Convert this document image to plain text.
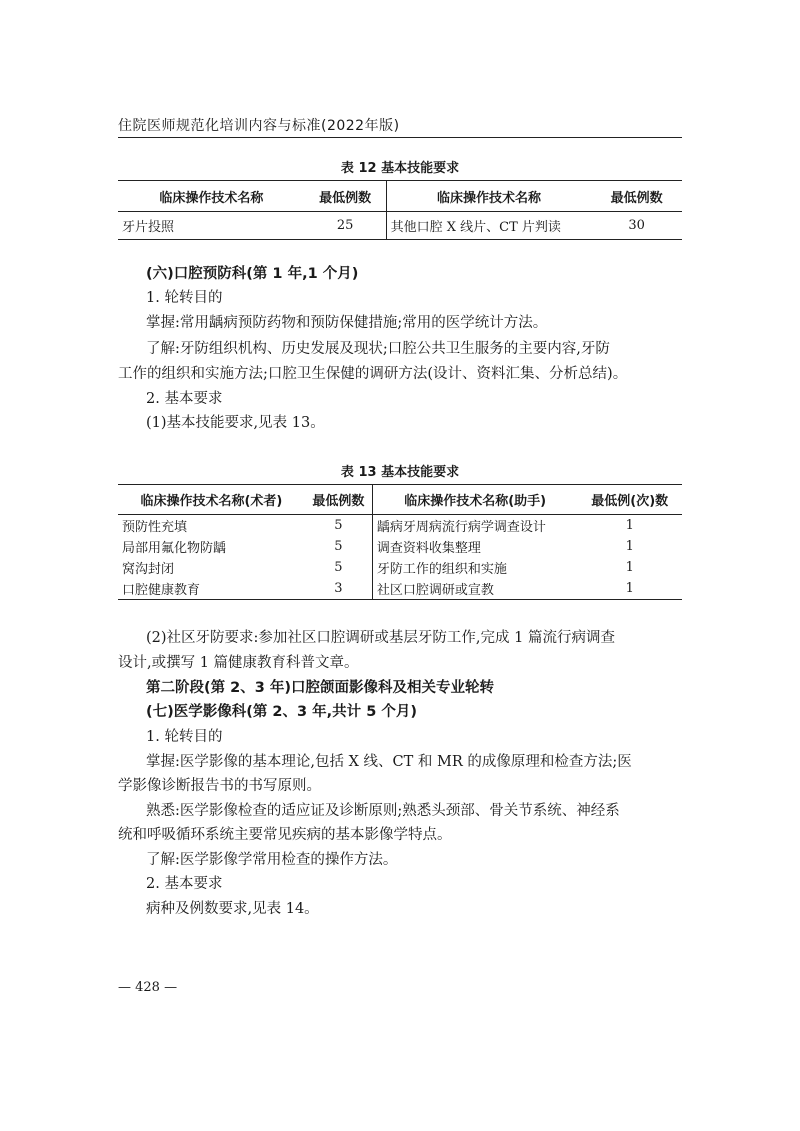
住院医师规范化培训内容与标准(2022年版)
表 12 基本技能要求
临床操作技术名称	最低例数	临床操作技术名称	最低例数
牙片投照	25	其他口腔 X 线片、CT 片判读	30
(六)口腔预防科(第 1 年,1 个月)
1. 轮转目的
掌握:常用龋病预防药物和预防保健措施;常用的医学统计方法。
了解:牙防组织机构、历史发展及现状;口腔公共卫生服务的主要内容,牙防
工作的组织和实施方法;口腔卫生保健的调研方法(设计、资料汇集、分析总结)。
2. 基本要求
(1)基本技能要求,见表 13。
表 13 基本技能要求
临床操作技术名称(术者)	最低例数	临床操作技术名称(助手)	最低例(次)数
预防性充填	5	龋病牙周病流行病学调查设计	1
局部用氟化物防龋	5	调查资料收集整理	1
窝沟封闭	5	牙防工作的组织和实施	1
口腔健康教育	3	社区口腔调研或宣教	1
(2)社区牙防要求:参加社区口腔调研或基层牙防工作,完成 1 篇流行病调查
设计,或撰写 1 篇健康教育科普文章。
第二阶段(第 2、3 年)口腔颌面影像科及相关专业轮转
(七)医学影像科(第 2、3 年,共计 5 个月)
1. 轮转目的
掌握:医学影像的基本理论,包括 X 线、CT 和 MR 的成像原理和检查方法;医
学影像诊断报告书的书写原则。
熟悉:医学影像检查的适应证及诊断原则;熟悉头颈部、骨关节系统、神经系
统和呼吸循环系统主要常见疾病的基本影像学特点。
了解:医学影像学常用检查的操作方法。
2. 基本要求
病种及例数要求,见表 14。
— 428 —
